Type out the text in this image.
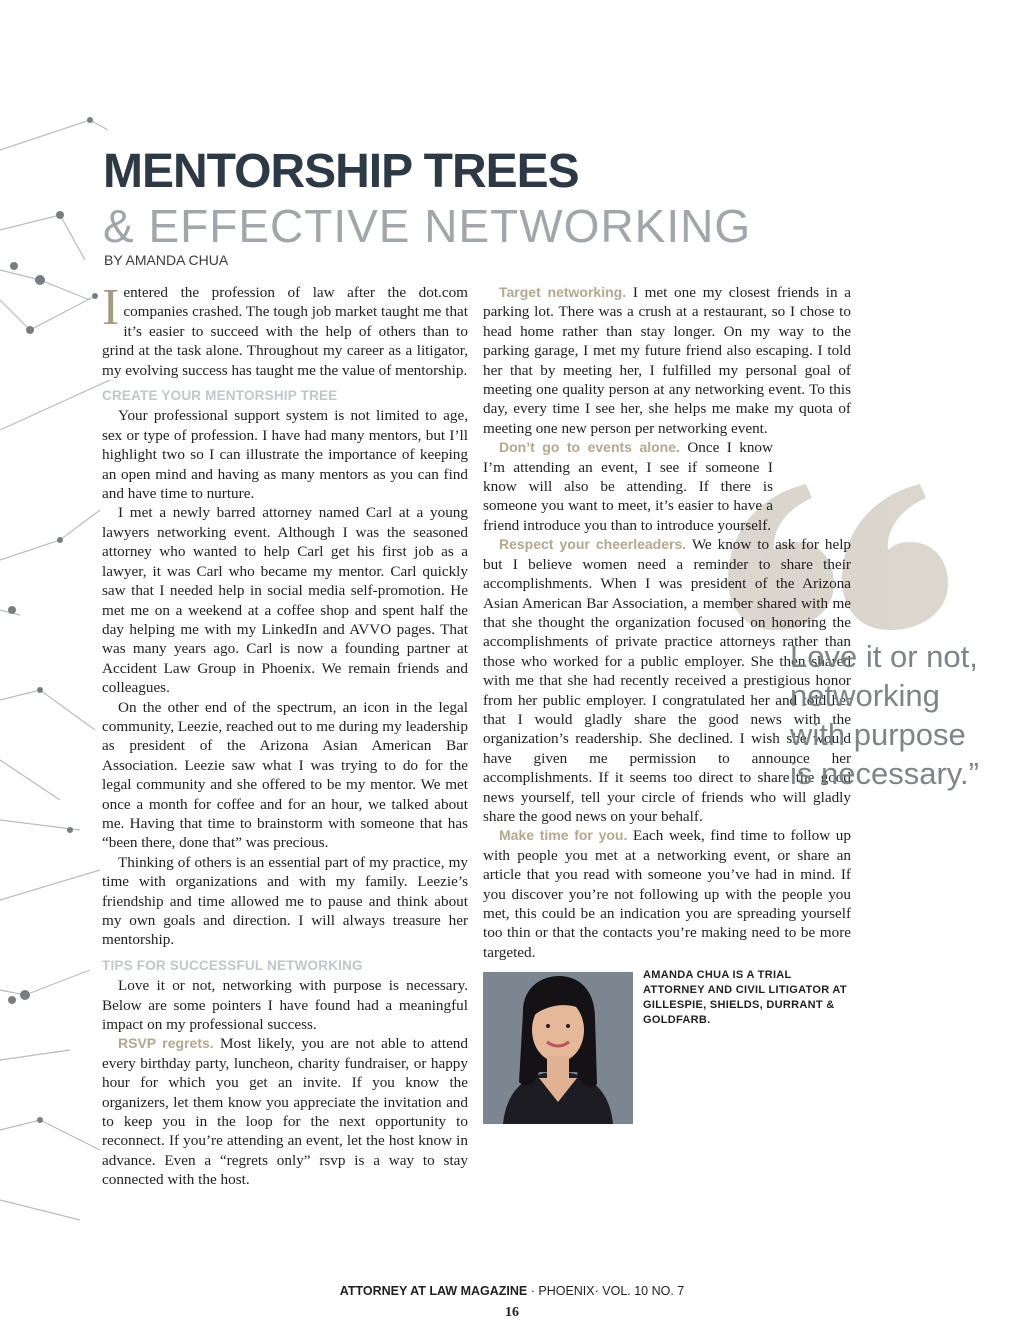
MENTORSHIP TREES
& EFFECTIVE NETWORKING
BY AMANDA CHUA

Ientered the profession of law after the dot.com companies crashed. The tough job market taught me that it’s easier to succeed with the help of others than to grind at the task alone. Throughout my career as a litigator, my evolving success has taught me the value of mentorship.

CREATE YOUR MENTORSHIP TREE

Your professional support system is not limited to age, sex or type of profession. I have had many mentors, but I’ll highlight two so I can illustrate the importance of keeping an open mind and having as many mentors as you can find and have time to nurture.

I met a newly barred attorney named Carl at a young lawyers networking event. Although I was the seasoned attorney who wanted to help Carl get his first job as a lawyer, it was Carl who became my mentor. Carl quickly saw that I needed help in social media self-promotion. He met me on a weekend at a coffee shop and spent half the day helping me with my LinkedIn and AVVO pages. That was many years ago. Carl is now a founding partner at Accident Law Group in Phoenix. We remain friends and colleagues.

On the other end of the spectrum, an icon in the legal community, Leezie, reached out to me during my leadership as president of the Arizona Asian American Bar Association. Leezie saw what I was trying to do for the legal community and she offered to be my mentor. We met once a month for coffee and for an hour, we talked about me. Having that time to brainstorm with someone that has “been there, done that” was precious.

Thinking of others is an essential part of my practice, my time with organizations and with my family. Leezie’s friendship and time allowed me to pause and think about my own goals and direction. I will always treasure her mentorship.

TIPS FOR SUCCESSFUL NETWORKING

Love it or not, networking with purpose is necessary. Below are some pointers I have found had a meaningful impact on my professional success.

RSVP regrets. Most likely, you are not able to attend every birthday party, luncheon, charity fundraiser, or happy hour for which you get an invite. If you know the organizers, let them know you appreciate the invitation and to keep you in the loop for the next opportunity to reconnect. If you’re attending an event, let the host know in advance. Even a “regrets only” rsvp is a way to stay connected with the host.

Target networking. I met one my closest friends in a parking lot. There was a crush at a restaurant, so I chose to head home rather than stay longer. On my way to the parking garage, I met my future friend also escaping. I told her that by meeting her, I fulfilled my personal goal of meeting one quality person at any networking event. To this day, every time I see her, she helps me make my quota of meeting one new person per networking event.

Don’t go to events alone. Once I know I’m attending an event, I see if someone I know will also be attending. If there is someone you want to meet, it’s easier to have a friend introduce you than to introduce yourself.

Respect your cheerleaders. We know to ask for help but I believe women need a reminder to share their accomplishments. When I was president of the Arizona Asian American Bar Association, a member shared with me that she thought the organization focused on honoring the accomplishments of private practice attorneys rather than those who worked for a public employer. She then shared with me that she had recently received a prestigious honor from her public employer. I congratulated her and told her that I would gladly share the good news with the organization’s readership. She declined. I wish she would have given me permission to announce her accomplishments. If it seems too direct to share the good news yourself, tell your circle of friends who will gladly share the good news on your behalf.

Make time for you. Each week, find time to follow up with people you met at a networking event, or share an article that you read with someone you’ve had in mind. If you discover you’re not following up with the people you met, this could be an indication you are spreading yourself too thin or that the contacts you’re making need to be more targeted.

AMANDA CHUA IS A TRIAL ATTORNEY AND CIVIL LITIGATOR AT GILLESPIE, SHIELDS, DURRANT & GOLDFARB.
Love it or not, networking with purpose is necessary.”
ATTORNEY AT LAW MAGAZINE · PHOENIX· VOL. 10 NO. 7
16
